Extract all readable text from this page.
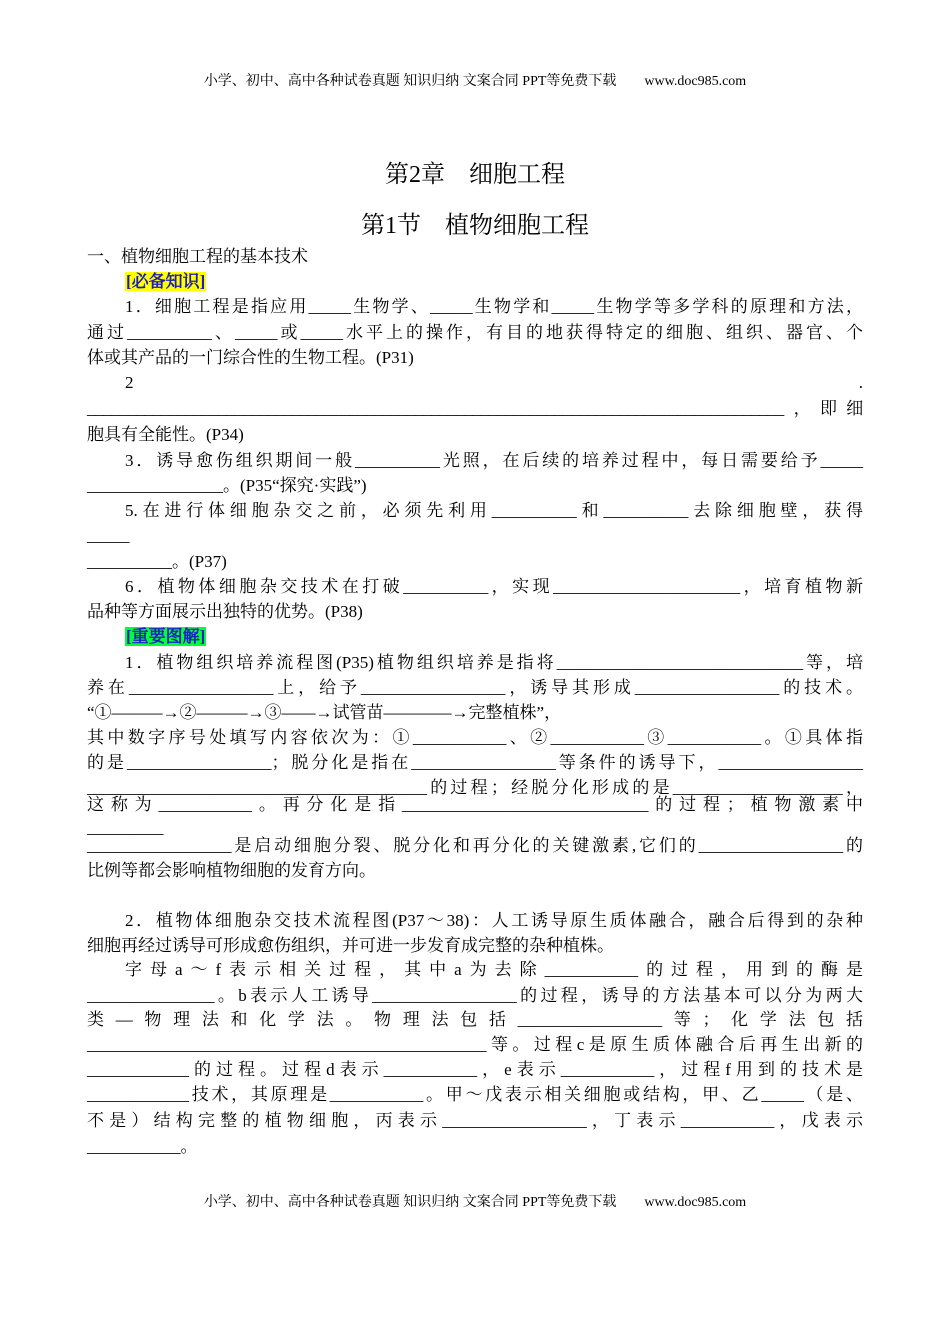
小学、初中、高中各种试卷真题 知识归纳 文案合同 PPT等免费下载　　www.doc985.com
第2章　细胞工程
第1节　植物细胞工程
一、植物细胞工程的基本技术
[必备知识]
1．细胞工程是指应用_____生物学、_____生物学和_____生物学等多学科的原理和方法，
通过__________、_____或_____水平上的操作，有目的地获得特定的细胞、组织、器官、个
体或其产品的一门综合性的生物工程。(P31)
2	.
_____________________________________________________________________________________，即细
胞具有全能性。(P34)
3．诱导愈伤组织期间一般__________光照，在后续的培养过程中，每日需要给予_____
________________。(P35“探究·实践”)
5.在进行体细胞杂交之前，必须先利用__________和__________去除细胞壁，获得
_____
__________。(P37)
6．植物体细胞杂交技术在打破__________，实现______________________，培育植物新
品种等方面展示出独特的优势。(P38)
[重要图解]
1．植物组织培养流程图(P35)植物组织培养是指将_____________________________等，培
养在_________________上，给予_________________，诱导其形成_________________的技术。
“①———→②———→③——→试管苗————→完整植株”，
其中数字序号处填写内容依次为：①___________、②___________③___________。①具体指
的是_________________；脱分化是指在_________________等条件的诱导下，_________________
________________________________________的过程；经脱分化形成的是____________________，
这称为___________。再分化是指_____________________________的过程；植物激素中
_________
_________________是启动细胞分裂、脱分化和再分化的关键激素,它们的_________________的
比例等都会影响植物细胞的发育方向。
2．植物体细胞杂交技术流程图(P37～38)：人工诱导原生质体融合，融合后得到的杂种
细胞再经过诱导可形成愈伤组织，并可进一步发育成完整的杂种植株。
字母a～f表示相关过程，其中a为去除___________的过程，用到的酶是
_______________。b表示人工诱导_________________的过程，诱导的方法基本可以分为两大
类—物理法和化学法。物理法包括_________________等；化学法包括
_______________________________________________等。过程c是原生质体融合后再生出新的
____________的过程。过程d表示___________，e表示___________，过程f用到的技术是
____________技术，其原理是___________。甲～戊表示相关细胞或结构，甲、乙_____（是、
不是）结构完整的植物细胞，丙表示_________________，丁表示___________，戊表示
___________。
小学、初中、高中各种试卷真题 知识归纳 文案合同 PPT等免费下载　　www.doc985.com
